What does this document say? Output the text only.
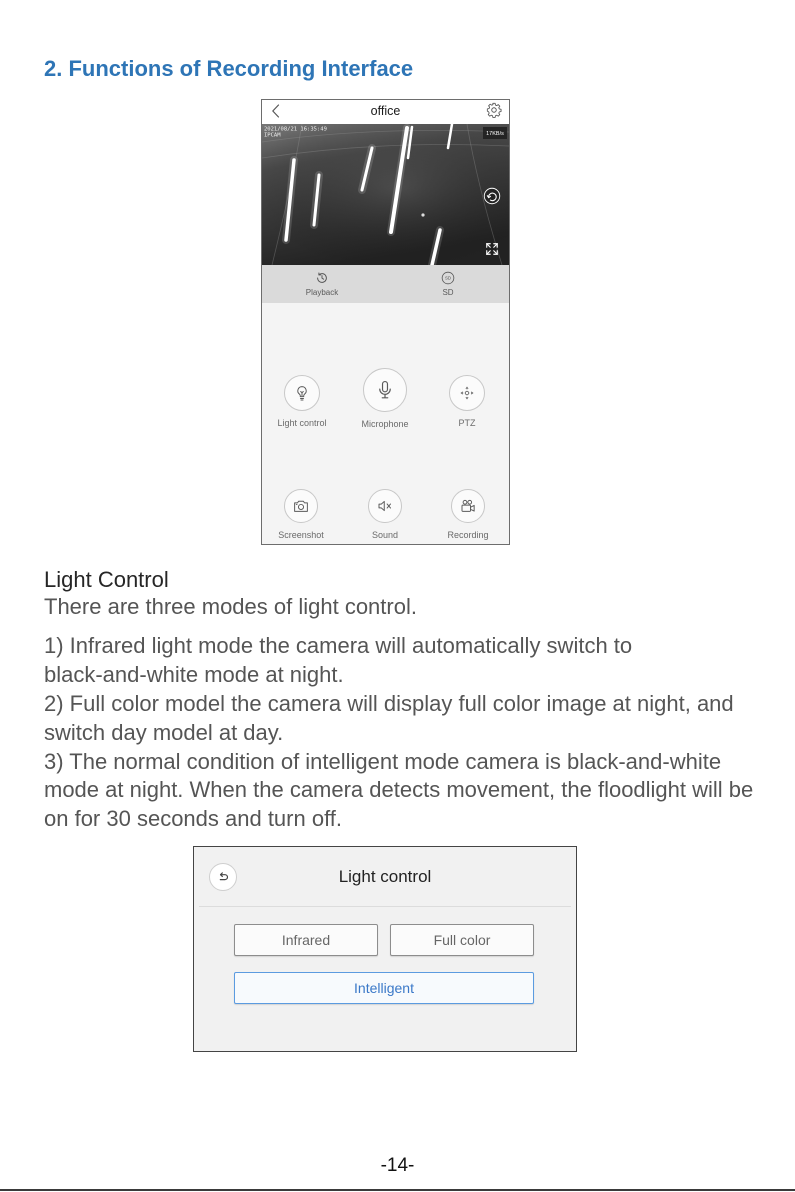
2. Functions of Recording Interface
office
2021/08/21 16:35:49
IPCAM	17KB/s
Playback
SD
SD
Light control	Microphone	PTZ
Screenshot	Sound	Recording
Light Control
There are three modes of light control.
1) Infrared light mode the camera will automatically switch to
black-and-white mode at night.
2) Full color model the camera will display full color image at night, and
switch day model at day.
3) The normal condition of intelligent mode camera is black-and-white
mode at night. When the camera detects movement, the floodlight will be
on for 30 seconds and turn off.
Light control
Infrared	Full color
Intelligent
-14-
